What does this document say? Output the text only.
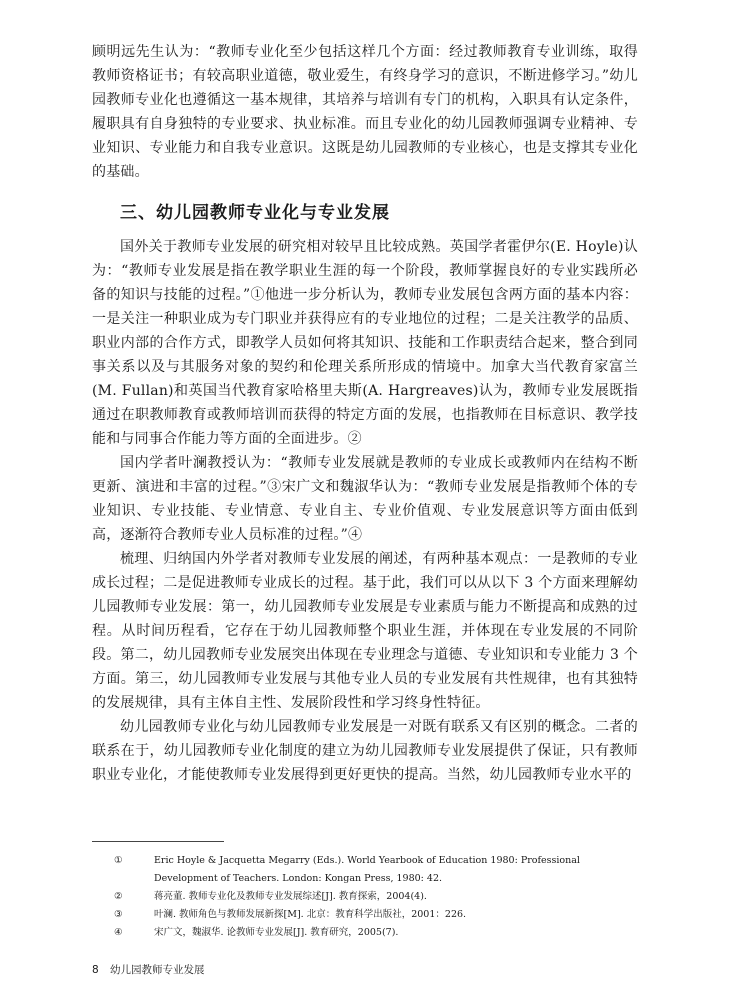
顾明远先生认为：“教师专业化至少包括这样几个方面：经过教师教育专业训练，取得教师资格证书；有较高职业道德，敬业爱生，有终身学习的意识，不断进修学习。”幼儿园教师专业化也遵循这一基本规律，其培养与培训有专门的机构，入职具有认定条件，履职具有自身独特的专业要求、执业标准。而且专业化的幼儿园教师强调专业精神、专业知识、专业能力和自我专业意识。这既是幼儿园教师的专业核心，也是支撑其专业化的基础。

三、幼儿园教师专业化与专业发展

国外关于教师专业发展的研究相对较早且比较成熟。英国学者霍伊尔(E. Hoyle)认为：“教师专业发展是指在教学职业生涯的每一个阶段，教师掌握良好的专业实践所必备的知识与技能的过程。”①他进一步分析认为，教师专业发展包含两方面的基本内容：一是关注一种职业成为专门职业并获得应有的专业地位的过程；二是关注教学的品质、职业内部的合作方式，即教学人员如何将其知识、技能和工作职责结合起来，整合到同事关系以及与其服务对象的契约和伦理关系所形成的情境中。加拿大当代教育家富兰(M. Fullan)和英国当代教育家哈格里夫斯(A. Hargreaves)认为，教师专业发展既指通过在职教师教育或教师培训而获得的特定方面的发展，也指教师在目标意识、教学技能和与同事合作能力等方面的全面进步。②

国内学者叶澜教授认为：“教师专业发展就是教师的专业成长或教师内在结构不断更新、演进和丰富的过程。”③宋广文和魏淑华认为：“教师专业发展是指教师个体的专业知识、专业技能、专业情意、专业自主、专业价值观、专业发展意识等方面由低到高，逐渐符合教师专业人员标准的过程。”④

梳理、归纳国内外学者对教师专业发展的阐述，有两种基本观点：一是教师的专业成长过程；二是促进教师专业成长的过程。基于此，我们可以从以下 3 个方面来理解幼儿园教师专业发展：第一，幼儿园教师专业发展是专业素质与能力不断提高和成熟的过程。从时间历程看，它存在于幼儿园教师整个职业生涯，并体现在专业发展的不同阶段。第二，幼儿园教师专业发展突出体现在专业理念与道德、专业知识和专业能力 3 个方面。第三，幼儿园教师专业发展与其他专业人员的专业发展有共性规律，也有其独特的发展规律，具有主体自主性、发展阶段性和学习终身性特征。

幼儿园教师专业化与幼儿园教师专业发展是一对既有联系又有区别的概念。二者的联系在于，幼儿园教师专业化制度的建立为幼儿园教师专业发展提供了保证，只有教师职业专业化，才能使教师专业发展得到更好更快的提高。当然，幼儿园教师专业水平的

①	Eric Hoyle & Jacquetta Megarry (Eds.). World Yearbook of Education 1980: Professional Development of Teachers. London: Kongan Press, 1980: 42.
②	蒋亮董. 教师专业化及教师专业发展综述[J]. 教育探索，2004(4).
③	叶澜. 教师角色与教师发展新探[M]. 北京：教育科学出版社，2001：226.
④	宋广文，魏淑华. 论教师专业发展[J]. 教育研究，2005(7).
8 幼儿园教师专业发展
